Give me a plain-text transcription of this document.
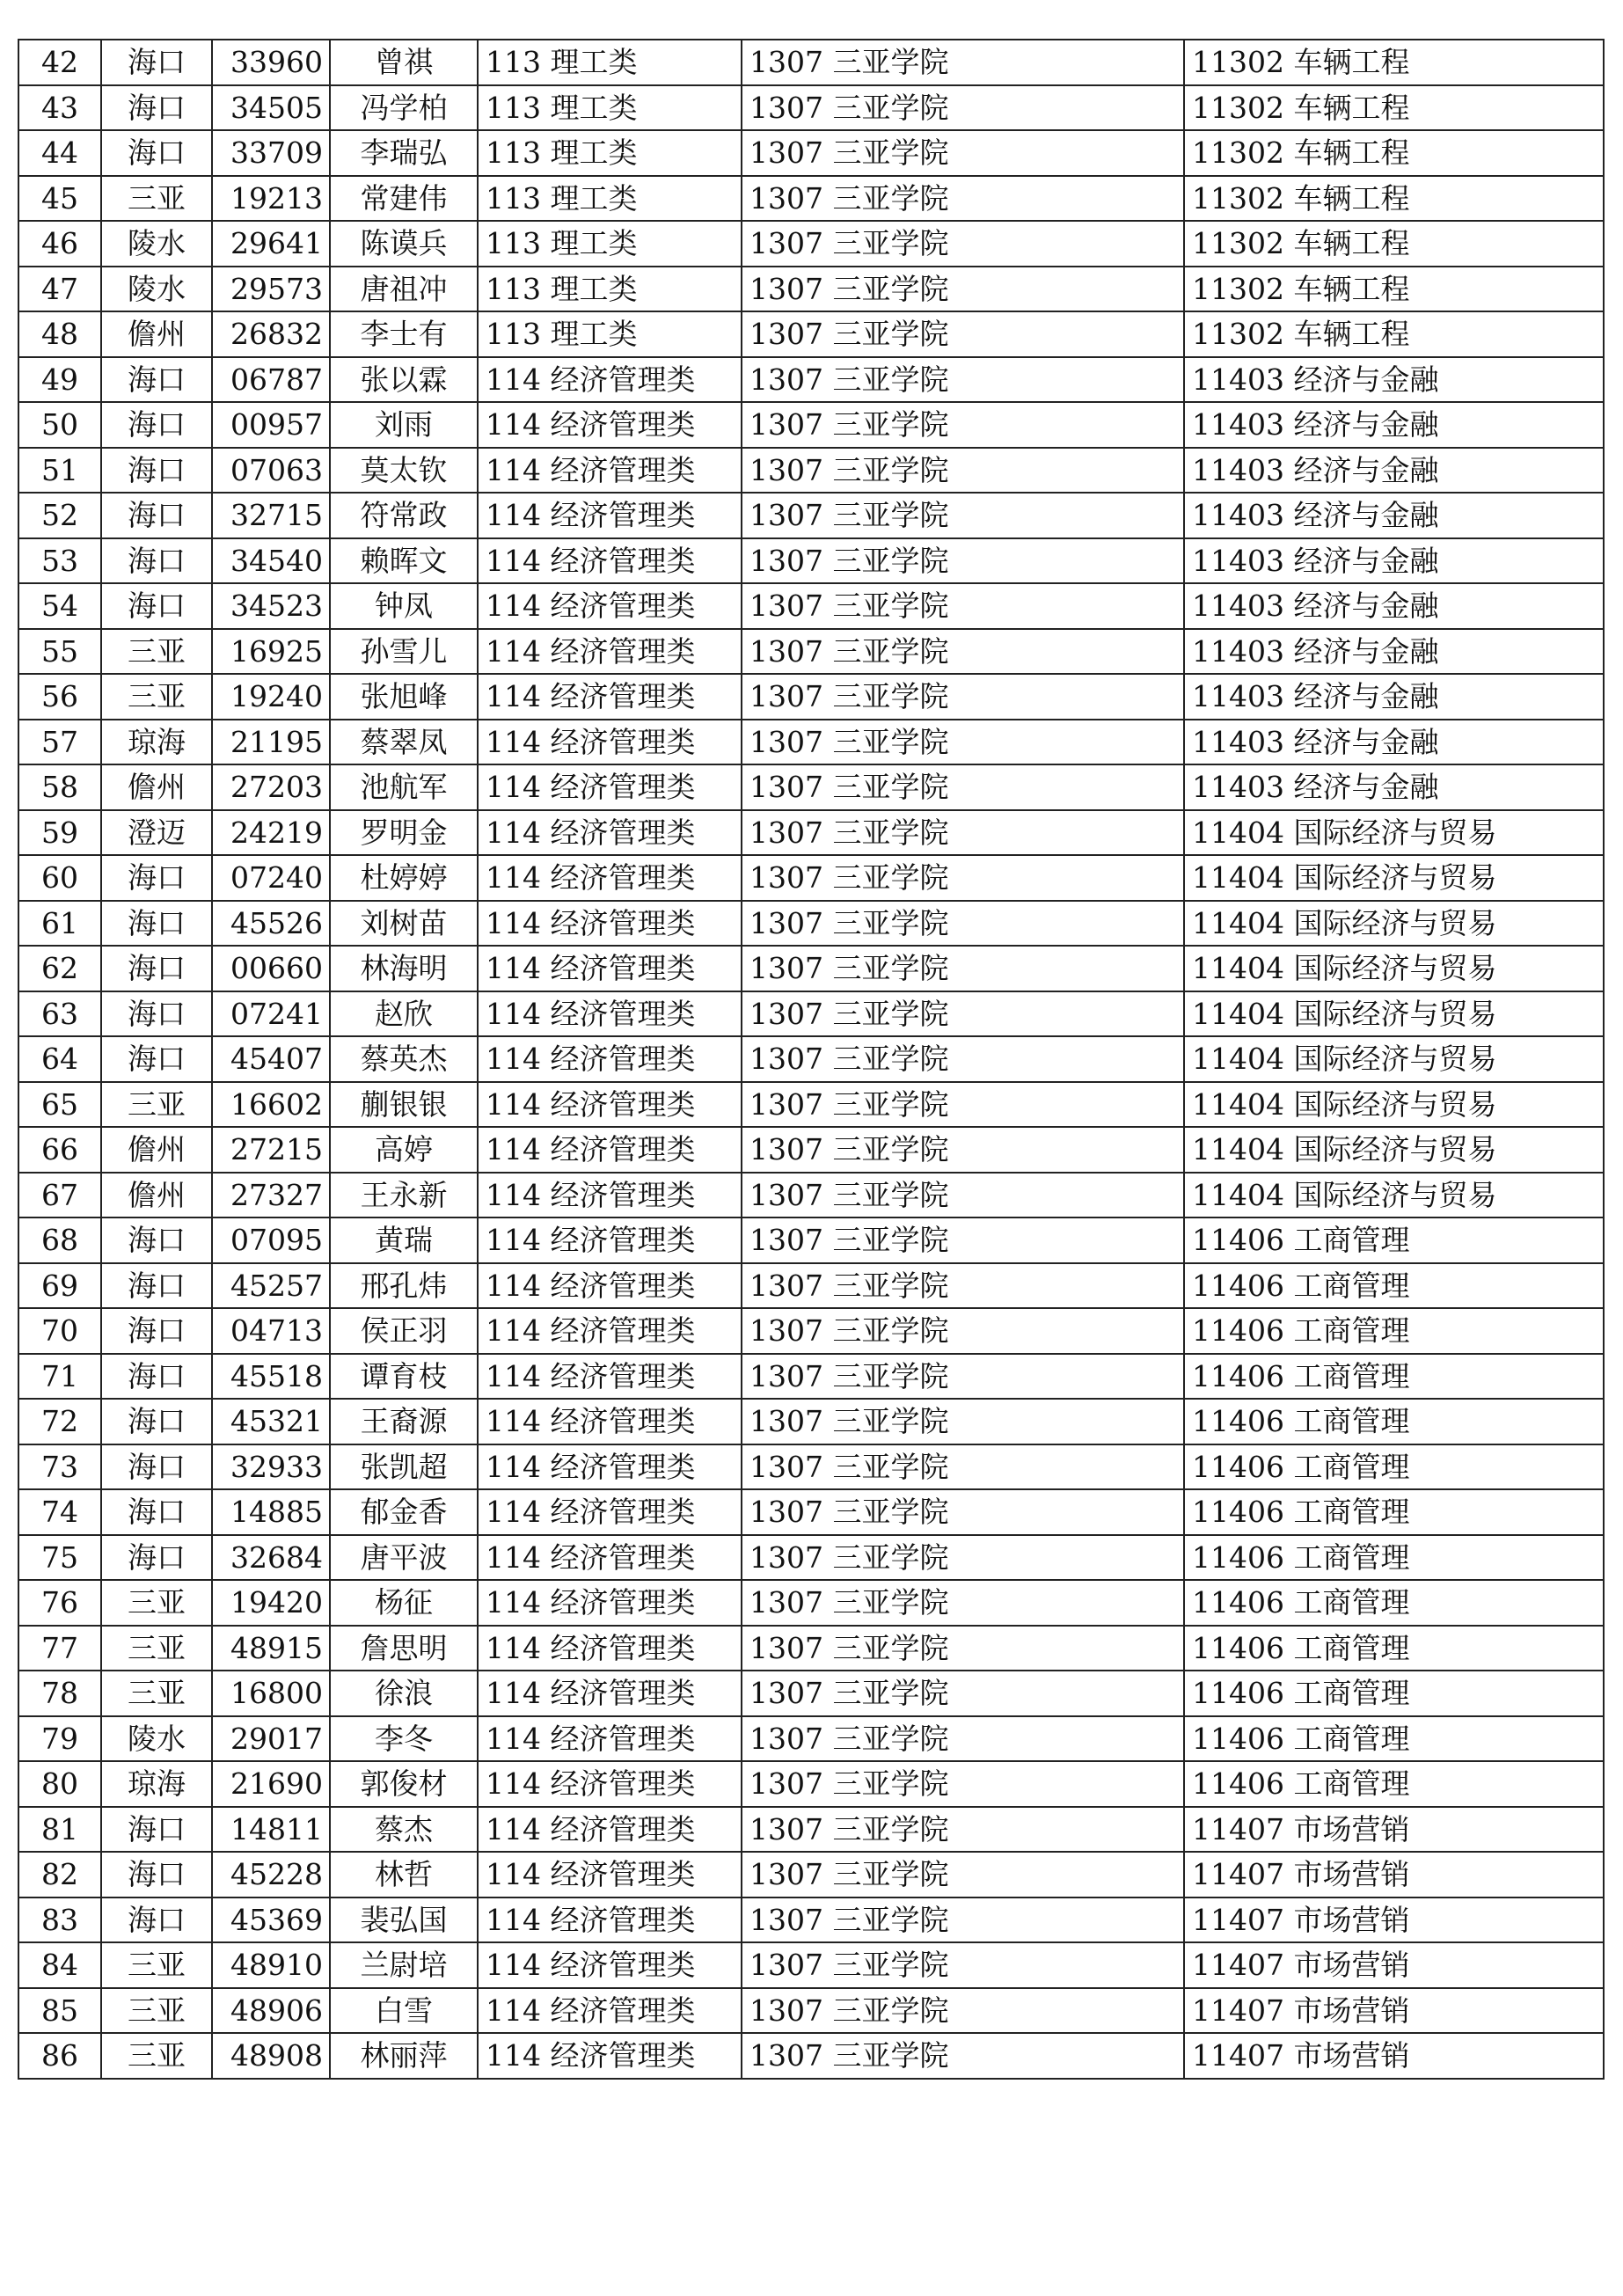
42	海口	33960	曾祺	113 理工类	1307 三亚学院	11302 车辆工程
43	海口	34505	冯学柏	113 理工类	1307 三亚学院	11302 车辆工程
44	海口	33709	李瑞弘	113 理工类	1307 三亚学院	11302 车辆工程
45	三亚	19213	常建伟	113 理工类	1307 三亚学院	11302 车辆工程
46	陵水	29641	陈谟兵	113 理工类	1307 三亚学院	11302 车辆工程
47	陵水	29573	唐祖冲	113 理工类	1307 三亚学院	11302 车辆工程
48	儋州	26832	李士有	113 理工类	1307 三亚学院	11302 车辆工程
49	海口	06787	张以霖	114 经济管理类	1307 三亚学院	11403 经济与金融
50	海口	00957	刘雨	114 经济管理类	1307 三亚学院	11403 经济与金融
51	海口	07063	莫太钦	114 经济管理类	1307 三亚学院	11403 经济与金融
52	海口	32715	符常政	114 经济管理类	1307 三亚学院	11403 经济与金融
53	海口	34540	赖晖文	114 经济管理类	1307 三亚学院	11403 经济与金融
54	海口	34523	钟凤	114 经济管理类	1307 三亚学院	11403 经济与金融
55	三亚	16925	孙雪儿	114 经济管理类	1307 三亚学院	11403 经济与金融
56	三亚	19240	张旭峰	114 经济管理类	1307 三亚学院	11403 经济与金融
57	琼海	21195	蔡翠凤	114 经济管理类	1307 三亚学院	11403 经济与金融
58	儋州	27203	池航军	114 经济管理类	1307 三亚学院	11403 经济与金融
59	澄迈	24219	罗明金	114 经济管理类	1307 三亚学院	11404 国际经济与贸易
60	海口	07240	杜婷婷	114 经济管理类	1307 三亚学院	11404 国际经济与贸易
61	海口	45526	刘树苗	114 经济管理类	1307 三亚学院	11404 国际经济与贸易
62	海口	00660	林海明	114 经济管理类	1307 三亚学院	11404 国际经济与贸易
63	海口	07241	赵欣	114 经济管理类	1307 三亚学院	11404 国际经济与贸易
64	海口	45407	蔡英杰	114 经济管理类	1307 三亚学院	11404 国际经济与贸易
65	三亚	16602	蒯银银	114 经济管理类	1307 三亚学院	11404 国际经济与贸易
66	儋州	27215	高婷	114 经济管理类	1307 三亚学院	11404 国际经济与贸易
67	儋州	27327	王永新	114 经济管理类	1307 三亚学院	11404 国际经济与贸易
68	海口	07095	黄瑞	114 经济管理类	1307 三亚学院	11406 工商管理
69	海口	45257	邢孔炜	114 经济管理类	1307 三亚学院	11406 工商管理
70	海口	04713	侯正羽	114 经济管理类	1307 三亚学院	11406 工商管理
71	海口	45518	谭育枝	114 经济管理类	1307 三亚学院	11406 工商管理
72	海口	45321	王裔源	114 经济管理类	1307 三亚学院	11406 工商管理
73	海口	32933	张凯超	114 经济管理类	1307 三亚学院	11406 工商管理
74	海口	14885	郁金香	114 经济管理类	1307 三亚学院	11406 工商管理
75	海口	32684	唐平波	114 经济管理类	1307 三亚学院	11406 工商管理
76	三亚	19420	杨征	114 经济管理类	1307 三亚学院	11406 工商管理
77	三亚	48915	詹思明	114 经济管理类	1307 三亚学院	11406 工商管理
78	三亚	16800	徐浪	114 经济管理类	1307 三亚学院	11406 工商管理
79	陵水	29017	李冬	114 经济管理类	1307 三亚学院	11406 工商管理
80	琼海	21690	郭俊材	114 经济管理类	1307 三亚学院	11406 工商管理
81	海口	14811	蔡杰	114 经济管理类	1307 三亚学院	11407 市场营销
82	海口	45228	林哲	114 经济管理类	1307 三亚学院	11407 市场营销
83	海口	45369	裴弘国	114 经济管理类	1307 三亚学院	11407 市场营销
84	三亚	48910	兰尉培	114 经济管理类	1307 三亚学院	11407 市场营销
85	三亚	48906	白雪	114 经济管理类	1307 三亚学院	11407 市场营销
86	三亚	48908	林丽萍	114 经济管理类	1307 三亚学院	11407 市场营销
